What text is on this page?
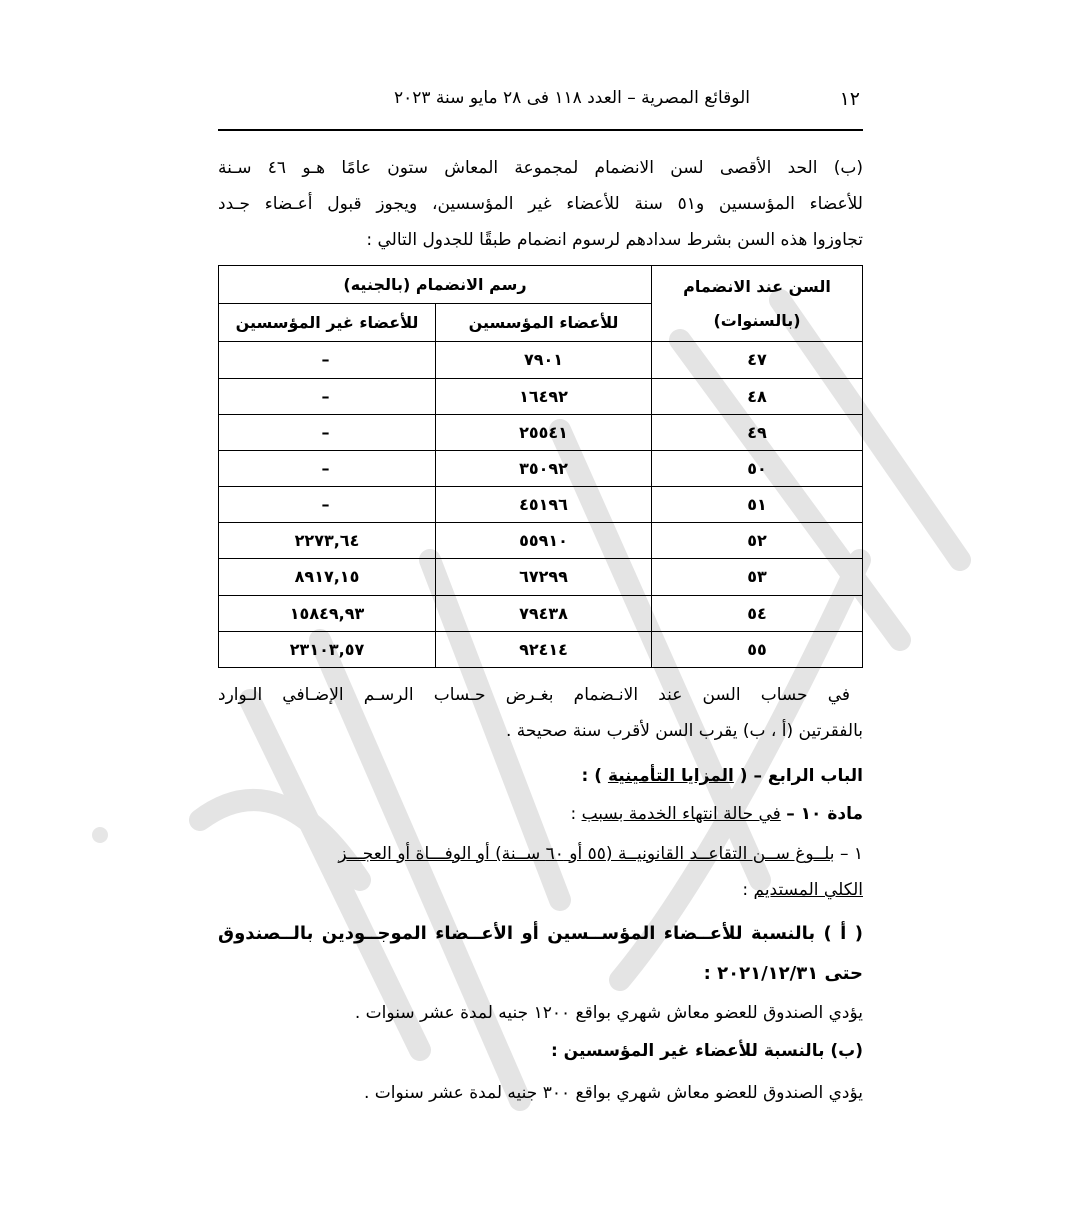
١٢
الوقائع المصرية – العدد ١١٨ فى ٢٨ مايو سنة ٢٠٢٣
(ب) الحد الأقصى لسن الانضمام لمجموعة المعاش ستون عامًا هـو ٤٦ سـنة
للأعضاء المؤسسين و٥١ سنة للأعضاء غير المؤسسين، ويجوز قبول أعـضاء جـدد
تجاوزوا هذه السن بشرط سدادهم لرسوم انضمام طبقًا للجدول التالي :
السن عند الانضمام (بالسنوات)	رسم الانضمام (بالجنيه)	
	للأعضاء المؤسسين	للأعضاء غير المؤسسين
٤٧	٧٩٠١	–
٤٨	١٦٤٩٢	–
٤٩	٢٥٥٤١	–
٥٠	٣٥٠٩٢	–
٥١	٤٥١٩٦	–
٥٢	٥٥٩١٠	٢٢٧٣,٦٤
٥٣	٦٧٢٩٩	٨٩١٧,١٥
٥٤	٧٩٤٣٨	١٥٨٤٩,٩٣
٥٥	٩٢٤١٤	٢٣١٠٣,٥٧
في حساب السن عند الانـضمام بغـرض حـساب الرسـم الإضـافي الـوارد
بالفقرتين (أ ، ب) يقرب السن لأقرب سنة صحيحة .
الباب الرابع – ( المزايا التأمينية ) :
مادة ١٠ – في حالة انتهاء الخدمة بسبب :
١ – بلــوغ ســن التقاعــد القانونيــة (٥٥ أو ٦٠ ســنة) أو الوفـــاة أو العجـــز
الكلي المستديم :
( أ ) بالنسبة للأعــضاء المؤســسين أو الأعــضاء الموجــودين بالــصندوق
حتى ٢٠٢١/١٢/٣١ :
يؤدي الصندوق للعضو معاش شهري بواقع ١٢٠٠ جنيه لمدة عشر سنوات .
(ب) بالنسبة للأعضاء غير المؤسسين :
يؤدي الصندوق للعضو معاش شهري بواقع ٣٠٠ جنيه لمدة عشر سنوات .
